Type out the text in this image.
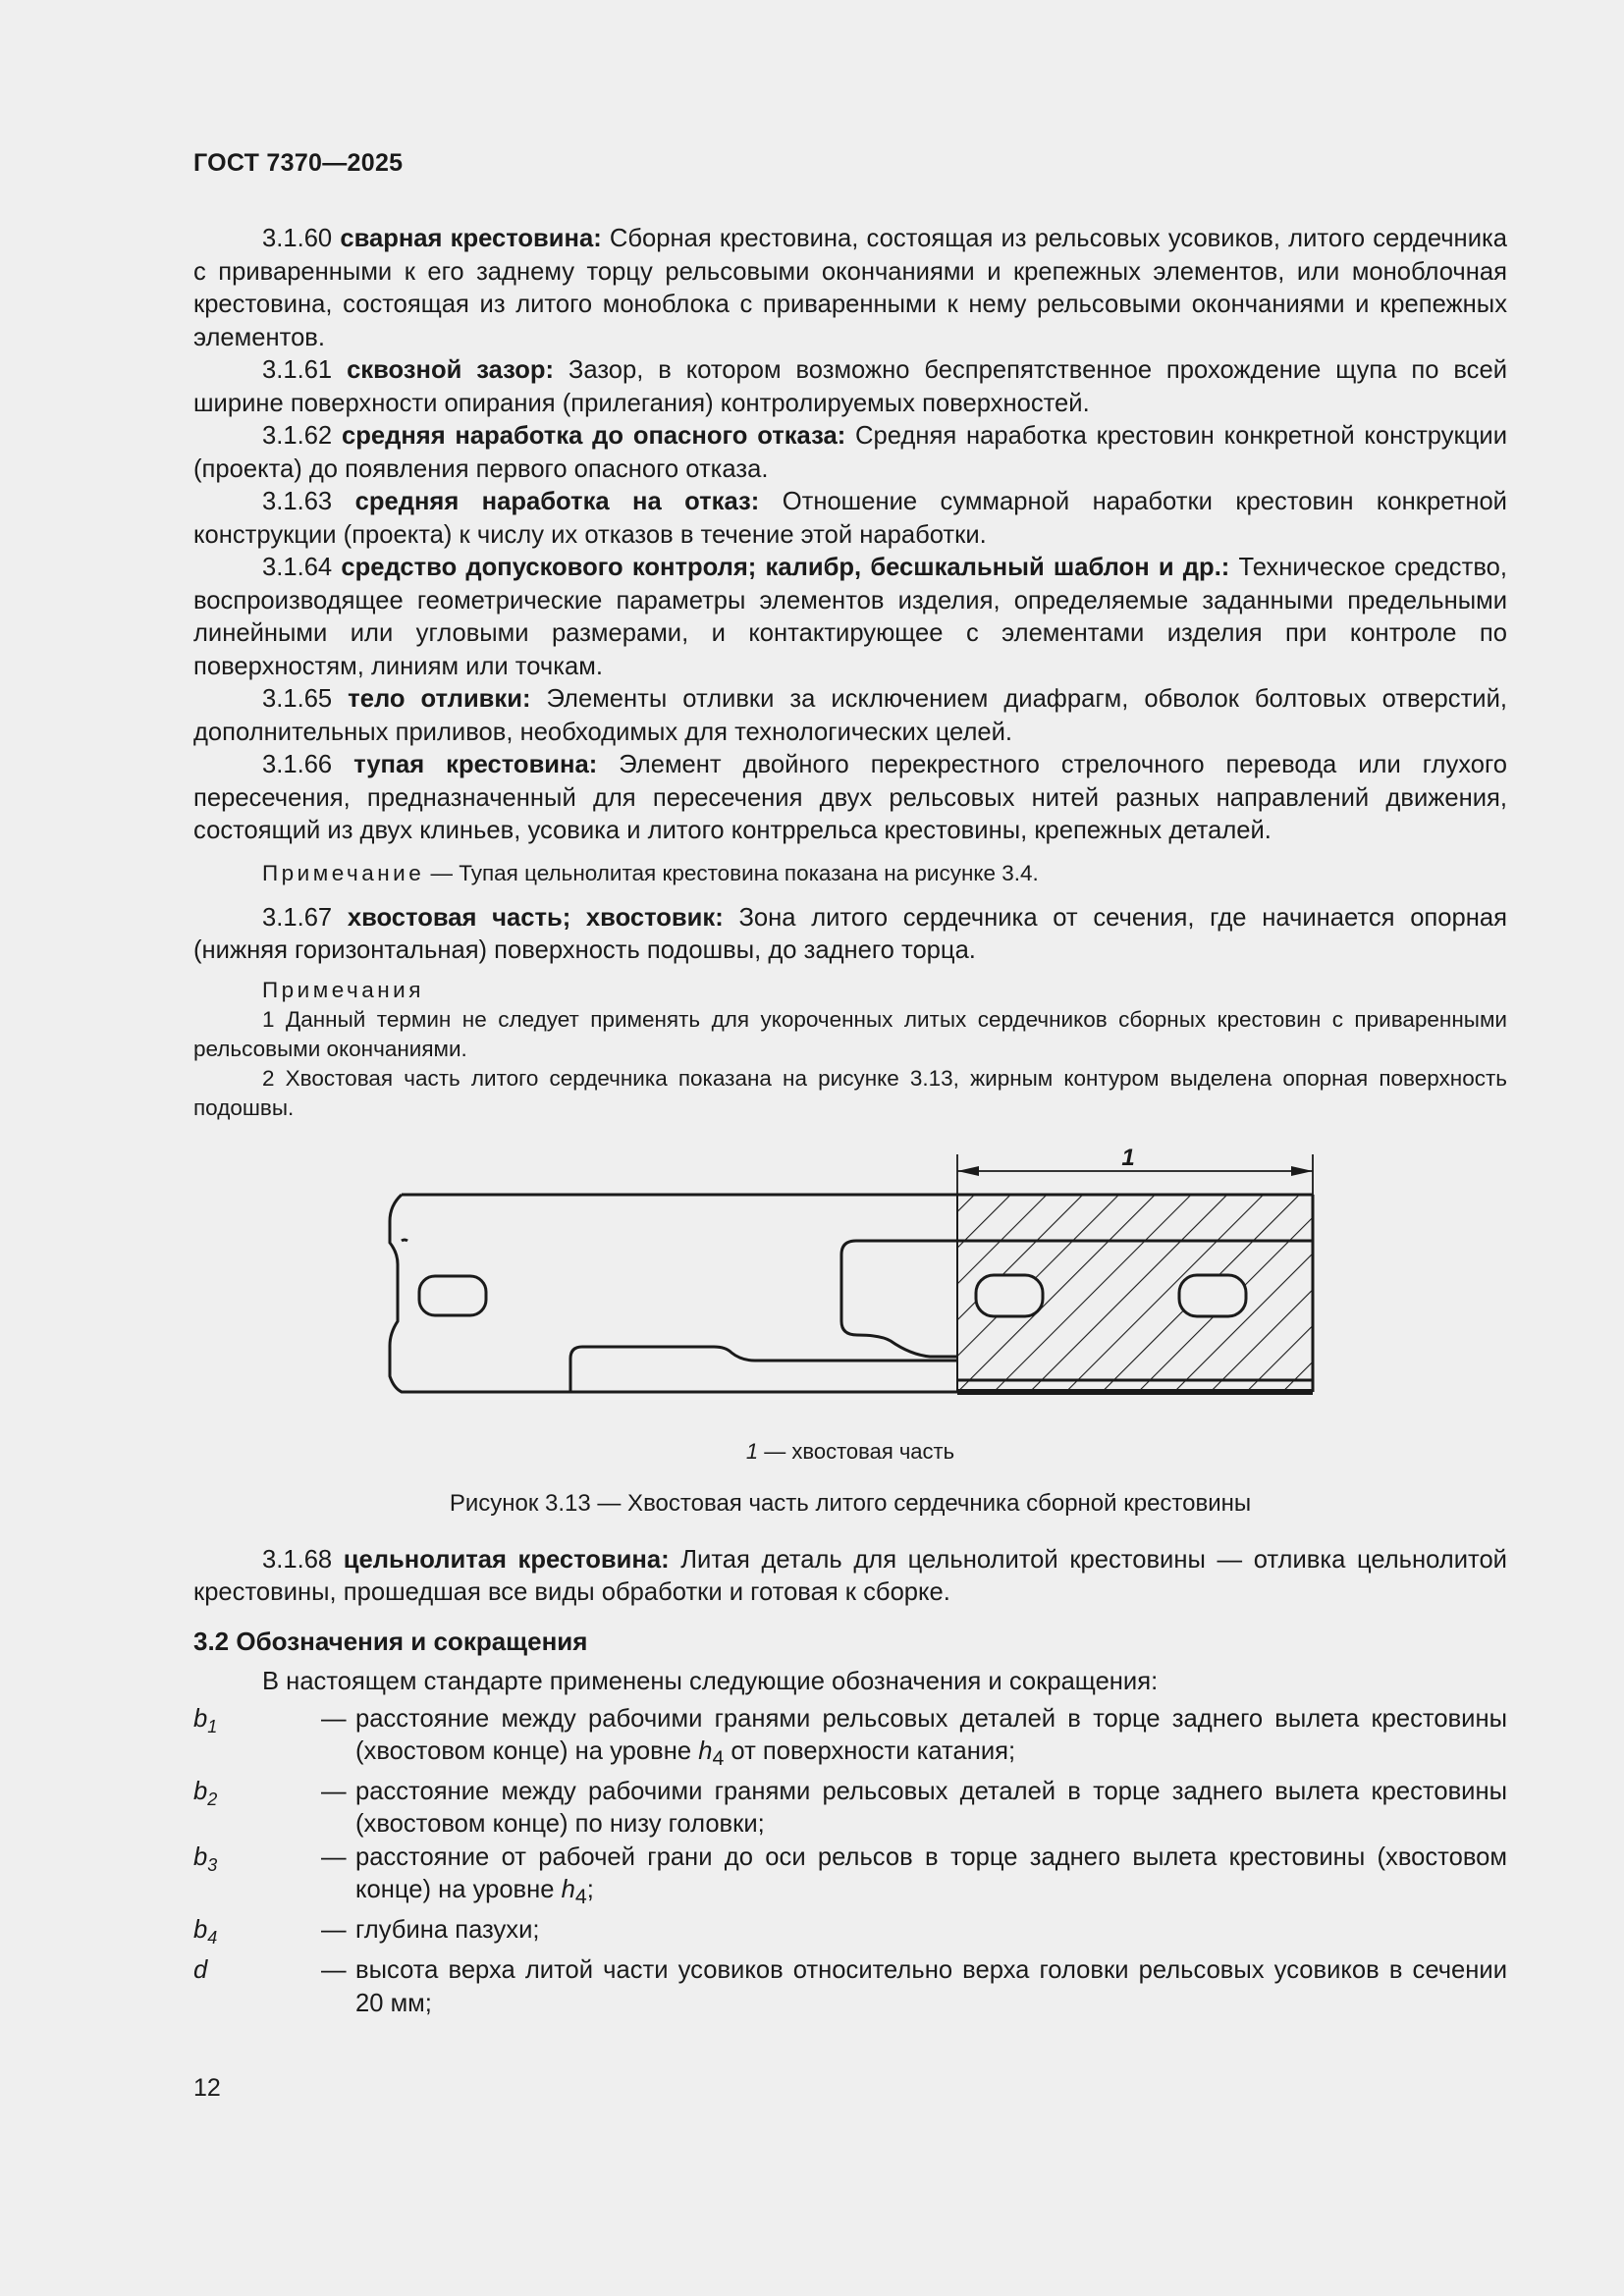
ГОСТ 7370—2025

3.1.60 сварная крестовина: Сборная крестовина, состоящая из рельсовых усовиков, литого сердечника с приваренными к его заднему торцу рельсовыми окончаниями и крепежных элементов, или моноблочная крестовина, состоящая из литого моноблока с приваренными к нему рельсовыми окончаниями и крепежных элементов.

3.1.61 сквозной зазор: Зазор, в котором возможно беспрепятственное прохождение щупа по всей ширине поверхности опирания (прилегания) контролируемых поверхностей.

3.1.62 средняя наработка до опасного отказа: Средняя наработка крестовин конкретной конструкции (проекта) до появления первого опасного отказа.

3.1.63 средняя наработка на отказ: Отношение суммарной наработки крестовин конкретной конструкции (проекта) к числу их отказов в течение этой наработки.

3.1.64 средство допускового контроля; калибр, бесшкальный шаблон и др.: Техническое средство, воспроизводящее геометрические параметры элементов изделия, определяемые заданными предельными линейными или угловыми размерами, и контактирующее с элементами изделия при контроле по поверхностям, линиям или точкам.

3.1.65 тело отливки: Элементы отливки за исключением диафрагм, обволок болтовых отверстий, дополнительных приливов, необходимых для технологических целей.

3.1.66 тупая крестовина: Элемент двойного перекрестного стрелочного перевода или глухого пересечения, предназначенный для пересечения двух рельсовых нитей разных направлений движения, состоящий из двух клиньев, усовика и литого контррельса крестовины, крепежных деталей.

Примечание — Тупая цельнолитая крестовина показана на рисунке 3.4.

3.1.67 хвостовая часть; хвостовик: Зона литого сердечника от сечения, где начинается опорная (нижняя горизонтальная) поверхность подошвы, до заднего торца.

Примечания
1 Данный термин не следует применять для укороченных литых сердечников сборных крестовин с приваренными рельсовыми окончаниями.
2 Хвостовая часть литого сердечника показана на рисунке 3.13, жирным контуром выделена опорная поверхность подошвы.
1
1 — хвостовая часть
Рисунок 3.13 — Хвостовая часть литого сердечника сборной крестовины

3.1.68 цельнолитая крестовина: Литая деталь для цельнолитой крестовины — отливка цельнолитой крестовины, прошедшая все виды обработки и готовая к сборке.

3.2 Обозначения и сокращения

В настоящем стандарте применены следующие обозначения и сокращения:

$b_1$	— расстояние между рабочими гранями рельсовых деталей в торце заднего вылета крестовины (хвостовом конце) на уровне $h_4$ от поверхности катания;
$b_2$	— расстояние между рабочими гранями рельсовых деталей в торце заднего вылета крестовины (хвостовом конце) по низу головки;
$b_3$	— расстояние от рабочей грани до оси рельсов в торце заднего вылета крестовины (хвостовом конце) на уровне $h_4$;
$b_4$	— глубина пазухи;
d	— высота верха литой части усовиков относительно верха головки рельсовых усовиков в сечении 20 мм;
12
